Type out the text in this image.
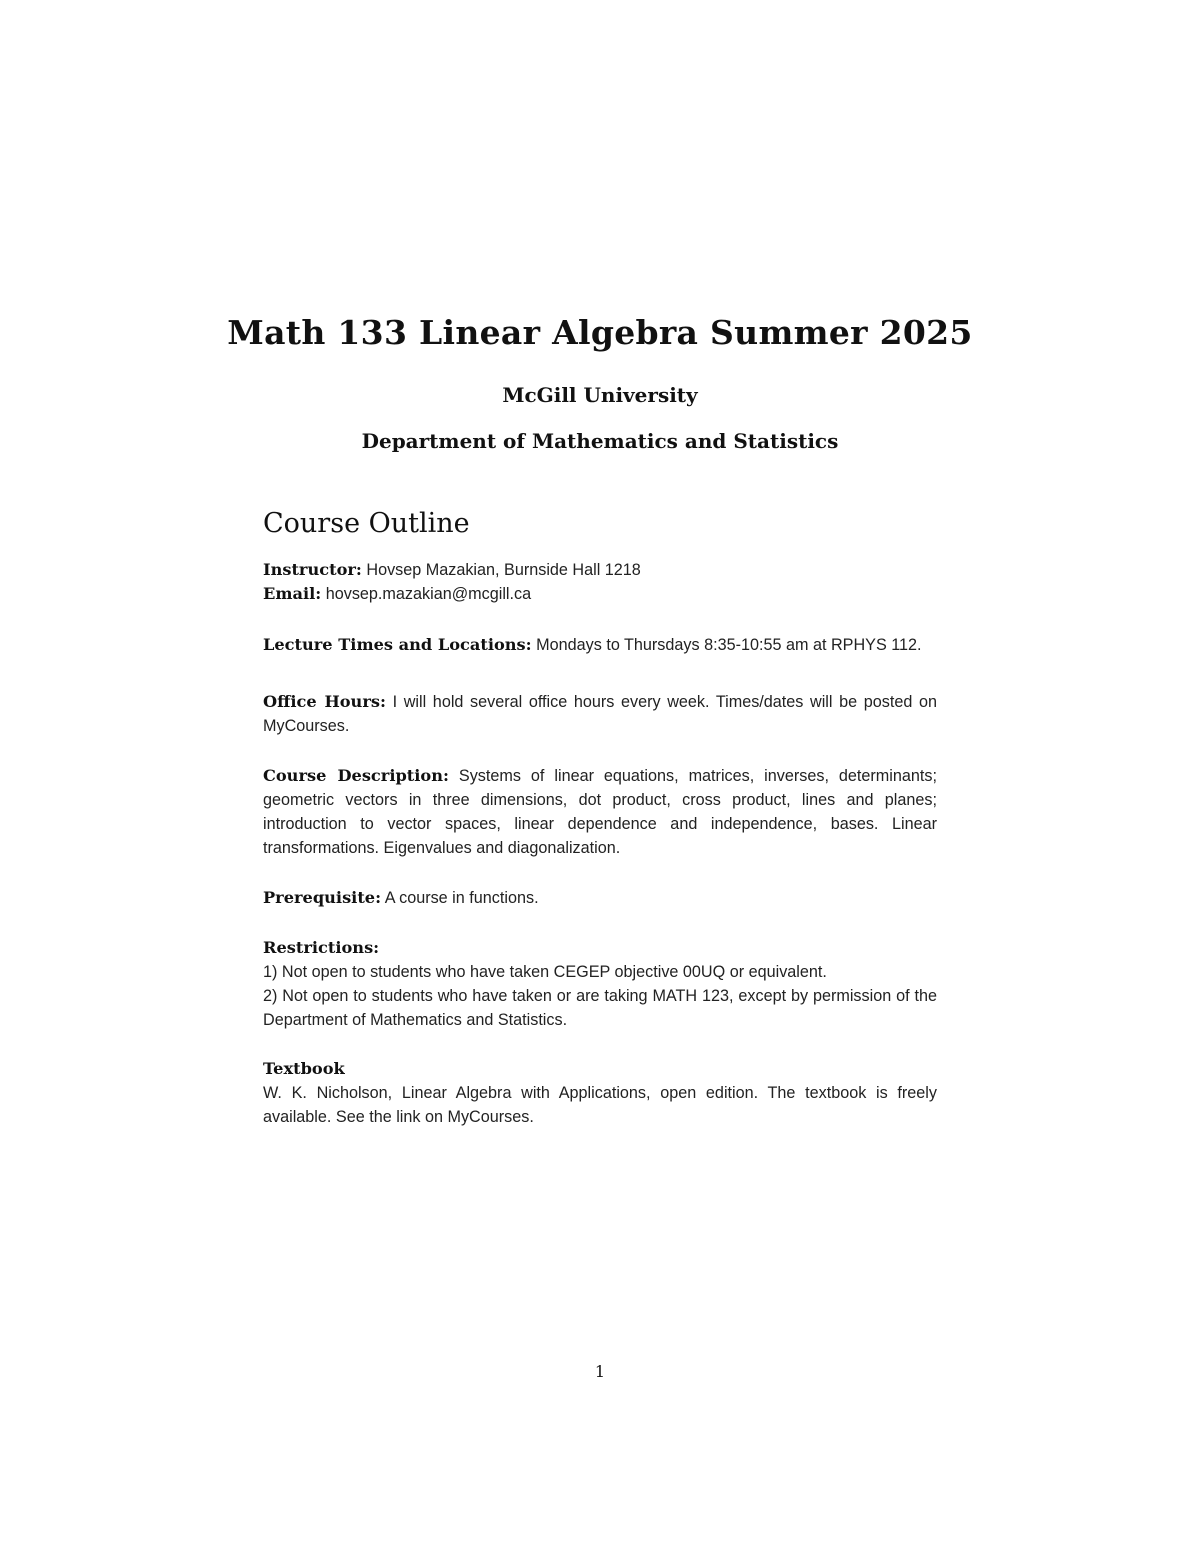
Math 133 Linear Algebra Summer 2025
McGill University
Department of Mathematics and Statistics
Course Outline
Instructor: Hovsep Mazakian, Burnside Hall 1218
Email: hovsep.mazakian@mcgill.ca
Lecture Times and Locations: Mondays to Thursdays 8:35-10:55 am at RPHYS 112.
Office Hours: I will hold several office hours every week. Times/dates will be posted on MyCourses.
Course Description: Systems of linear equations, matrices, inverses, determinants; geometric vectors in three dimensions, dot product, cross product, lines and planes; introduction to vector spaces, linear dependence and independence, bases. Linear transformations. Eigenvalues and diagonalization.
Prerequisite: A course in functions.
Restrictions:
1) Not open to students who have taken CEGEP objective 00UQ or equivalent.
2) Not open to students who have taken or are taking MATH 123, except by permission of the Department of Mathematics and Statistics.
Textbook
W. K. Nicholson, Linear Algebra with Applications, open edition. The textbook is freely available. See the link on MyCourses.
1
